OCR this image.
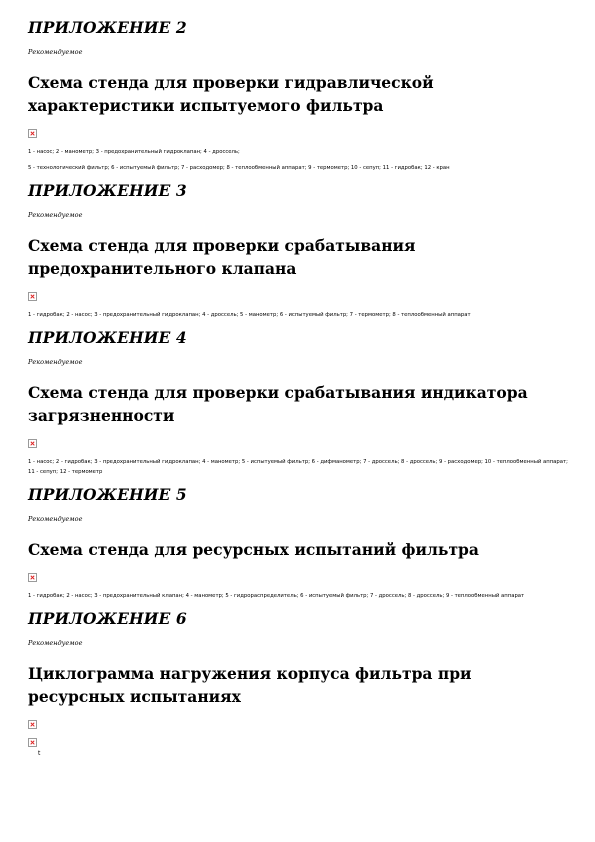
ПРИЛОЖЕНИЕ 2
Рекомендуемое
Схема стенда для проверки гидравлической характеристики испытуемого фильтра
1 - насос; 2 - манометр; 3 - предохранительный гидроклапан; 4 - дроссель;
5 - технологический фильтр; 6 - испытуемый фильтр; 7 - расходомер; 8 - теплообменный аппарат; 9 - термометр; 10 - сепуп; 11 - гидробак; 12 - кран
ПРИЛОЖЕНИЕ 3
Рекомендуемое
Схема стенда для проверки срабатывания предохранительного клапана
1 - гидробак; 2 - насос; 3 - предохранительный гидроклапан; 4 - дроссель; 5 - манометр; 6 - испытуемый фильтр; 7 - термометр; 8 - теплообменный аппарат
ПРИЛОЖЕНИЕ 4
Рекомендуемое
Схема стенда для проверки срабатывания индикатора загрязненности
1 - насос; 2 - гидробак; 3 - предохранительный гидроклапан; 4 - манометр; 5 - испытуемый фильтр; 6 - дифманометр; 7 - дроссель; 8 - дроссель; 9 - расходомер; 10 - теплообменный аппарат; 11 - сепуп; 12 - термометр
ПРИЛОЖЕНИЕ 5
Рекомендуемое
Схема стенда для ресурсных испытаний фильтра
1 - гидробак; 2 - насос; 3 - предохранительный клапан; 4 - манометр; 5 - гидрораспределитель; 6 - испытуемый фильтр; 7 - дроссель; 8 - дроссель; 9 - теплообменный аппарат
ПРИЛОЖЕНИЕ 6
Рекомендуемое
Циклограмма нагружения корпуса фильтра при ресурсных испытаниях
t
